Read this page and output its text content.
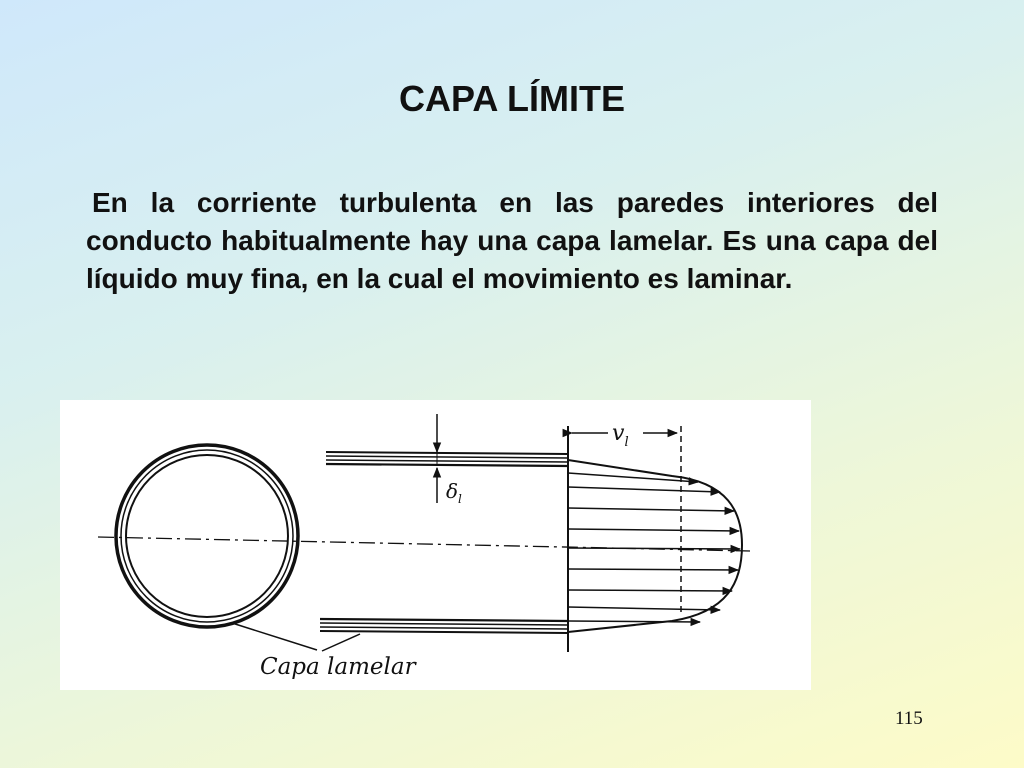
CAPA LÍMITE

En la corriente turbulenta en las paredes interiores del conducto habitualmente hay una capa lamelar. Es una capa del líquido muy fina, en la cual el movimiento es laminar.

$v_l$
$\delta_l$
Capa lamelar
115
